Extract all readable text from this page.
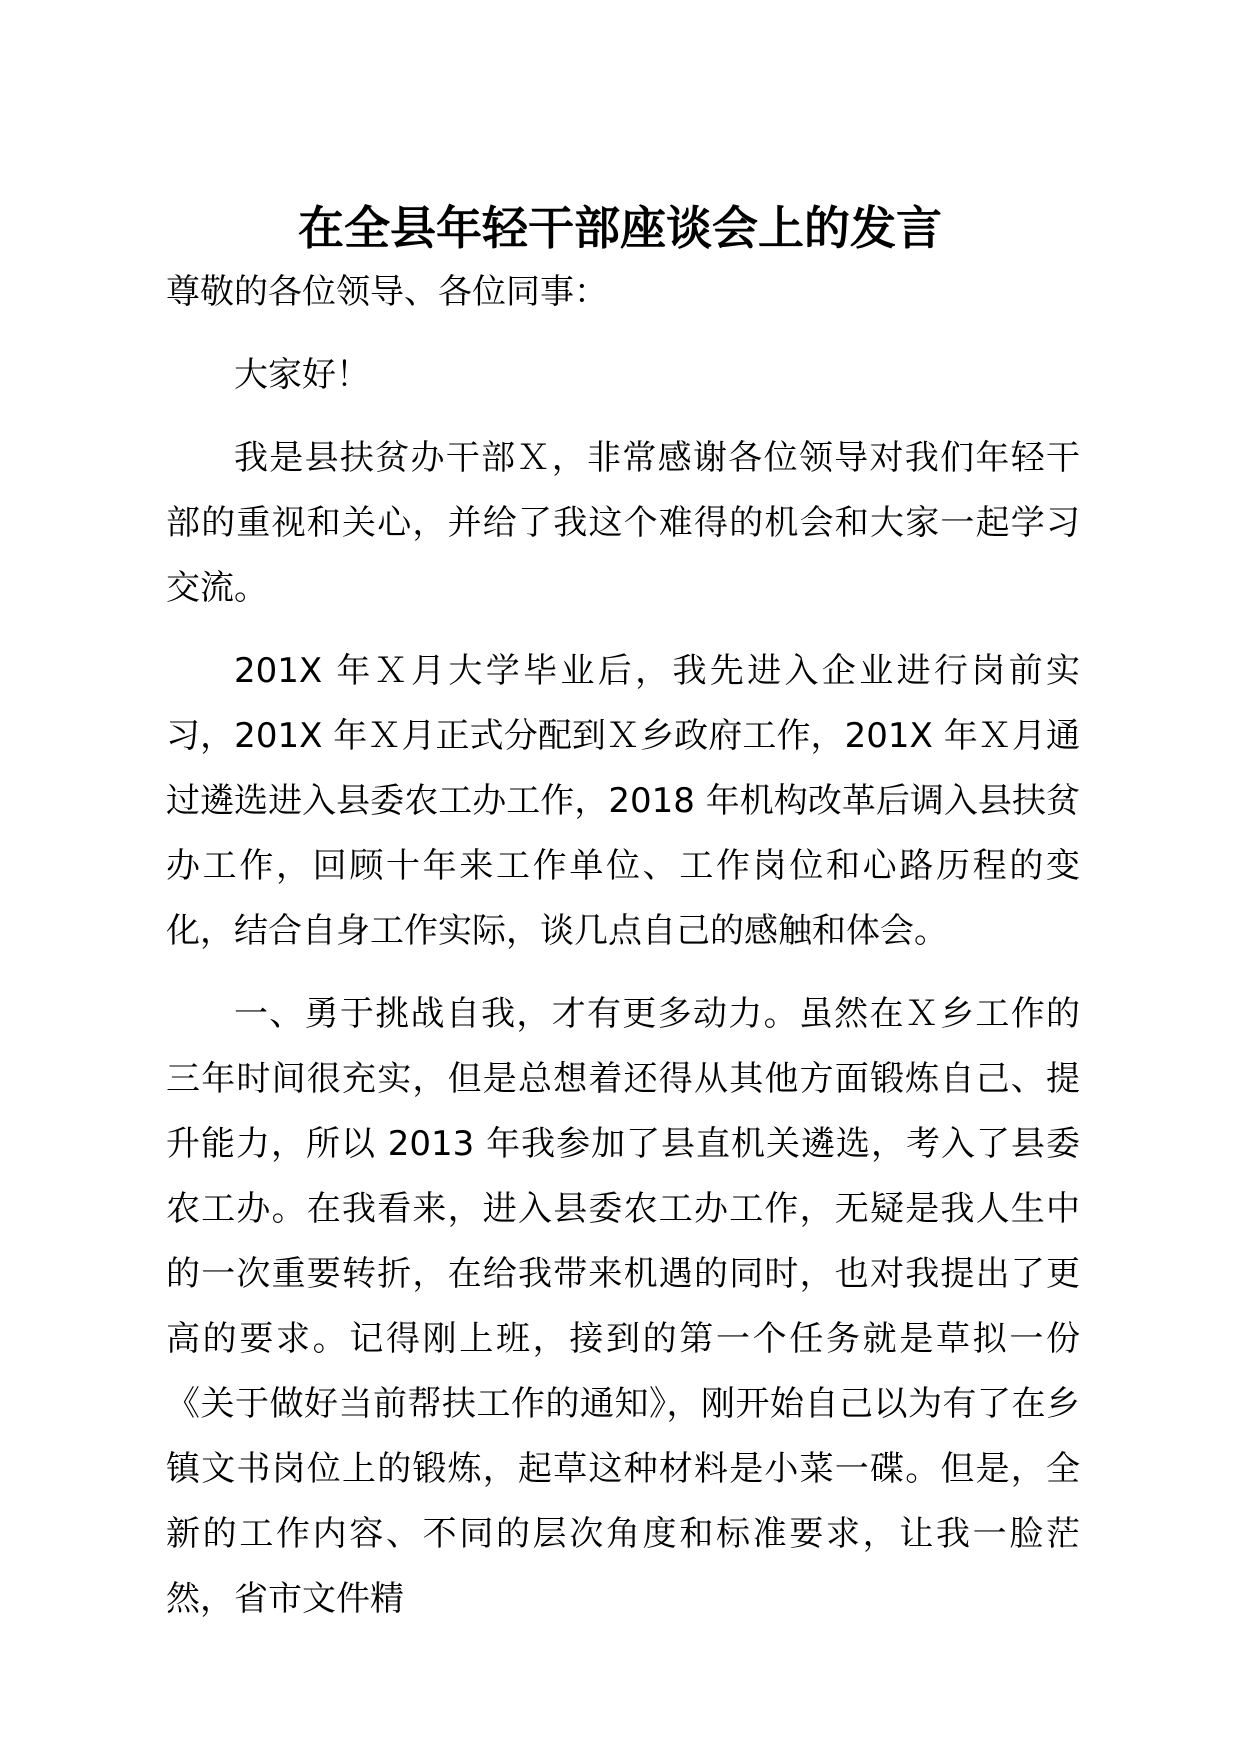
在全县年轻干部座谈会上的发言

尊敬的各位领导、各位同事：

大家好！

我是县扶贫办干部Ｘ，非常感谢各位领导对我们年轻干部的重视和关心，并给了我这个难得的机会和大家一起学习交流。

201X 年Ｘ月大学毕业后，我先进入企业进行岗前实习，201X 年Ｘ月正式分配到Ｘ乡政府工作，201X 年Ｘ月通过遴选进入县委农工办工作，2018 年机构改革后调入县扶贫办工作，回顾十年来工作单位、工作岗位和心路历程的变化，结合自身工作实际，谈几点自己的感触和体会。

一、勇于挑战自我，才有更多动力。虽然在Ｘ乡工作的三年时间很充实，但是总想着还得从其他方面锻炼自己、提升能力，所以 2013 年我参加了县直机关遴选，考入了县委农工办。在我看来，进入县委农工办工作，无疑是我人生中的一次重要转折，在给我带来机遇的同时，也对我提出了更高的要求。记得刚上班，接到的第一个任务就是草拟一份《关于做好当前帮扶工作的通知》，刚开始自己以为有了在乡镇文书岗位上的锻炼，起草这种材料是小菜一碟。但是，全新的工作内容、不同的层次角度和标准要求，让我一脸茫然，省市文件精
